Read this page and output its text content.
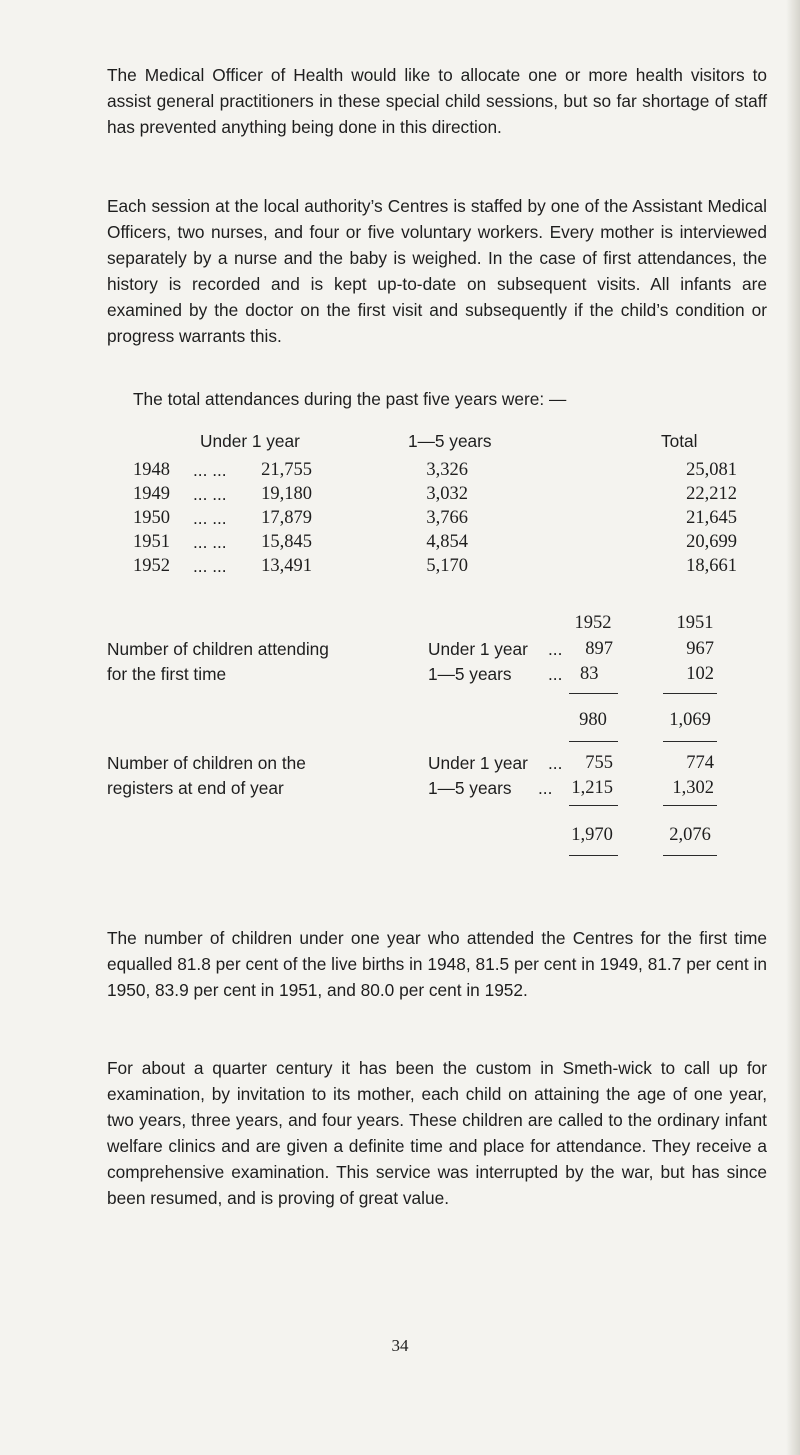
The Medical Officer of Health would like to allocate one or more health visitors to assist general practitioners in these special child sessions, but so far shortage of staff has prevented anything being done in this direction.

Each session at the local authority’s Centres is staffed by one of the Assistant Medical Officers, two nurses, and four or five voluntary workers. Every mother is interviewed separately by a nurse and the baby is weighed. In the case of first attendances, the history is recorded and is kept up-to-date on subsequent visits. All infants are examined by the doctor on the first visit and subsequently if the child’s condition or progress warrants this.

The total attendances during the past five years were: —

Under 1 year	1—5 years	Total
1948 ... ...	21,755	3,326	25,081
1949 ... ...	19,180	3,032	22,212
1950 ... ...	17,879	3,766	21,645
1951 ... ...	15,845	4,854	20,699
1952 ... ...	13,491	5,170	18,661
1952	1951
Number of children attending
for the first time
Under 1 year ...	897	967
1—5 years ... 83	102
980	1,069
Number of children on the
registers at end of year
Under 1 year ...	755	774
1—5 years ...	1,215	1,302
1,970	2,076

The number of children under one year who attended the Centres for the first time equalled 81.8 per cent of the live births in 1948, 81.5 per cent in 1949, 81.7 per cent in 1950, 83.9 per cent in 1951, and 80.0 per cent in 1952.

For about a quarter century it has been the custom in Smeth-wick to call up for examination, by invitation to its mother, each child on attaining the age of one year, two years, three years, and four years. These children are called to the ordinary infant welfare clinics and are given a definite time and place for attendance. They receive a comprehensive examination. This service was interrupted by the war, but has since been resumed, and is proving of great value.

34
